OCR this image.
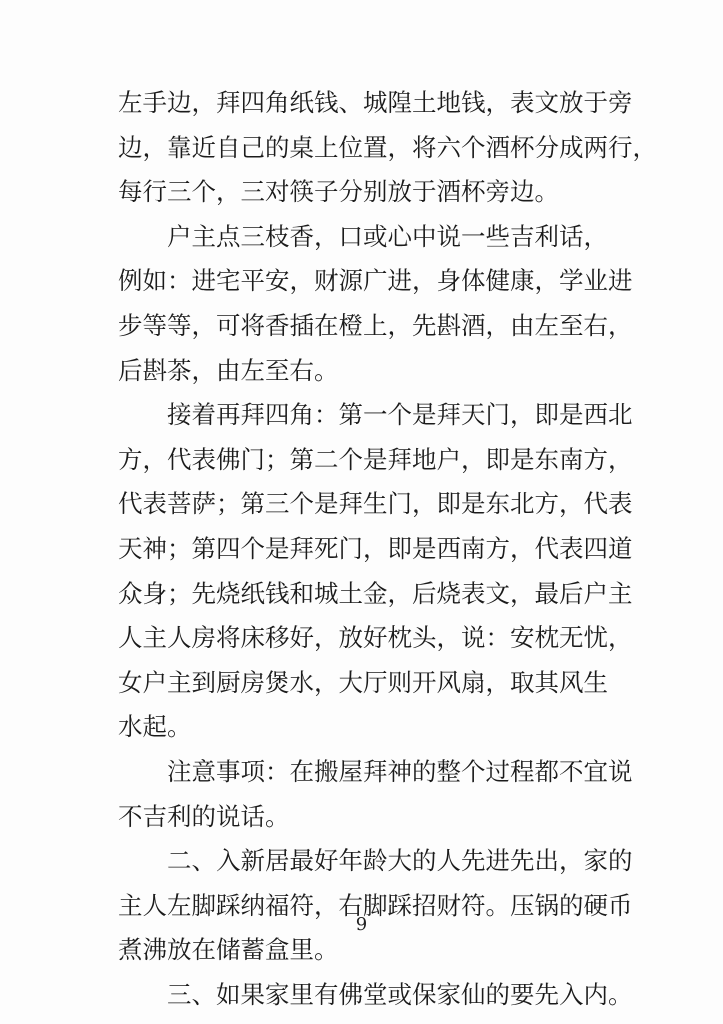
左手边，拜四角纸钱、城隍土地钱，表文放于旁
边，靠近自己的桌上位置，将六个酒杯分成两行，
每行三个，三对筷子分别放于酒杯旁边。
户主点三枝香，口或心中说一些吉利话，
例如：进宅平安，财源广进，身体健康，学业进
步等等，可将香插在橙上，先斟酒，由左至右，
后斟茶，由左至右。
接着再拜四角：第一个是拜天门，即是西北
方，代表佛门；第二个是拜地户，即是东南方，
代表菩萨；第三个是拜生门，即是东北方，代表
天神；第四个是拜死门，即是西南方，代表四道
众身；先烧纸钱和城土金，后烧表文，最后户主
人主人房将床移好，放好枕头，说：安枕无忧，
女户主到厨房煲水，大厅则开风扇，取其风生
水起。
注意事项：在搬屋拜神的整个过程都不宜说
不吉利的说话。
二、入新居最好年龄大的人先进先出，家的
主人左脚踩纳福符，右脚踩招财符。压锅的硬币
煮沸放在储蓄盒里。
三、如果家里有佛堂或保家仙的要先入内。
9
